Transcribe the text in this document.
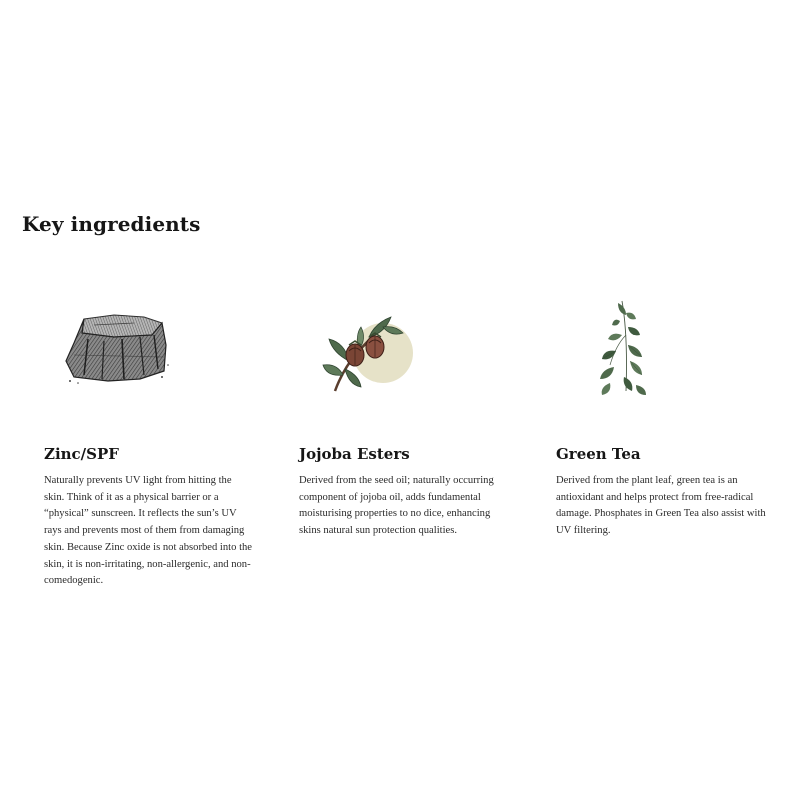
Key ingredients
Zinc/SPF

Naturally prevents UV light from hitting the skin. Think of it as a physical barrier or a “physical” sunscreen. It reflects the sun’s UV rays and prevents most of them from damaging skin. Because Zinc oxide is not absorbed into the skin, it is non-irritating, non-allergenic, and non-comedogenic.

Jojoba Esters

Derived from the seed oil; naturally occurring component of jojoba oil, adds fundamental moisturising properties to no dice, enhancing skins natural sun protection qualities.

Green Tea

Derived from the plant leaf, green tea is an antioxidant and helps protect from free-radical damage. Phosphates in Green Tea also assist with UV filtering.
